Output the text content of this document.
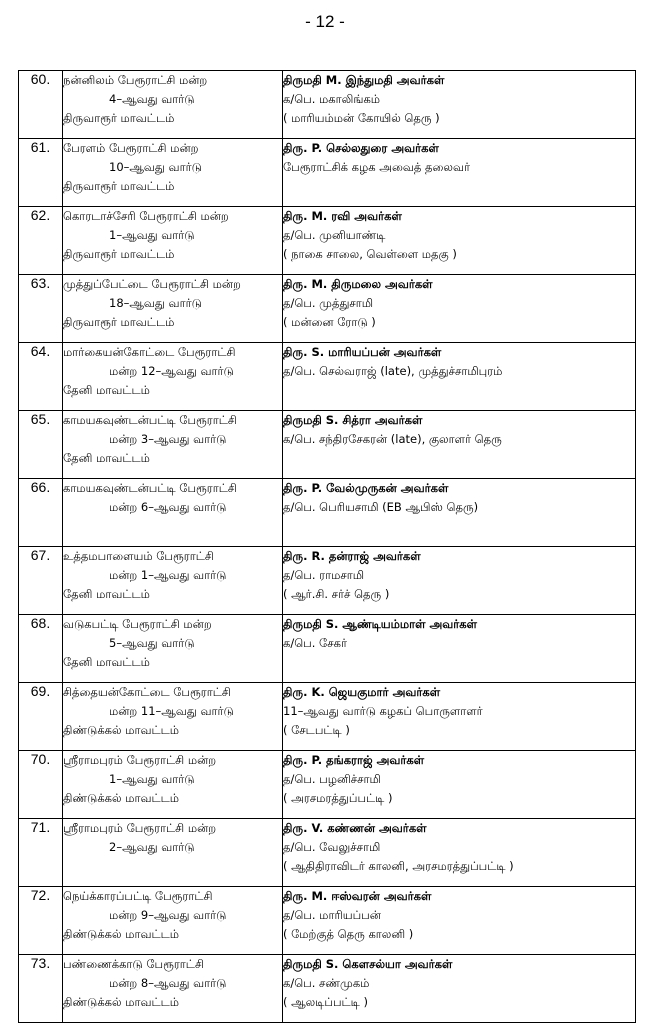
- 12 -
60.	நன்னிலம் பேரூராட்சி மன்ற
4–ஆவது வார்டு
திருவாரூர் மாவட்டம்	திருமதி M. இந்துமதி அவர்கள்
க/பெ. மகாலிங்கம்
( மாரியம்மன் கோயில் தெரு )

61.	பேரளம் பேரூராட்சி மன்ற
10–ஆவது வார்டு
திருவாரூர் மாவட்டம்	திரு. P. செல்லதுரை அவர்கள்
பேரூராட்சிக் கழக அவைத் தலைவர்

62.	கொரடாச்சேரி பேரூராட்சி மன்ற
1–ஆவது வார்டு
திருவாரூர் மாவட்டம்	திரு. M. ரவி அவர்கள்
த/பெ. முனியாண்டி
( நாகை சாலை, வெள்ளை மதகு )

63.	முத்துப்பேட்டை பேரூராட்சி மன்ற
18–ஆவது வார்டு
திருவாரூர் மாவட்டம்	திரு. M. திருமலை அவர்கள்
த/பெ. முத்துசாமி
( மன்னை ரோடு )

64.	மார்கையன்கோட்டை பேரூராட்சி
மன்ற 12–ஆவது வார்டு
தேனி மாவட்டம்	திரு. S. மாரியப்பன் அவர்கள்
த/பெ. செல்வராஜ் (late), முத்துச்சாமிபுரம்

65.	காமயகவுண்டன்பட்டி பேரூராட்சி
மன்ற 3–ஆவது வார்டு
தேனி மாவட்டம்	திருமதி S. சித்ரா அவர்கள்
க/பெ. சந்திரசேகரன் (late), குலாளர் தெரு

66.	காமயகவுண்டன்பட்டி பேரூராட்சி
மன்ற 6–ஆவது வார்டு	திரு. P. வேல்முருகன் அவர்கள்
த/பெ. பெரியசாமி (EB ஆபிஸ் தெரு)

67.	உத்தமபாளையம் பேரூராட்சி
மன்ற 1–ஆவது வார்டு
தேனி மாவட்டம்	திரு. R. தன்ராஜ் அவர்கள்
த/பெ. ராமசாமி
( ஆர்.சி. சர்ச் தெரு )

68.	வடுகபட்டி பேரூராட்சி மன்ற
5–ஆவது வார்டு
தேனி மாவட்டம்	திருமதி S. ஆண்டியம்மாள் அவர்கள்
க/பெ. சேகர்

69.	சித்தையன்கோட்டை பேரூராட்சி
மன்ற 11–ஆவது வார்டு
திண்டுக்கல் மாவட்டம்	திரு. K. ஜெயகுமார் அவர்கள்
11–ஆவது வார்டு கழகப் பொருளாளர்
( சேடபட்டி )

70.	ஸ்ரீராமபுரம் பேரூராட்சி மன்ற
1–ஆவது வார்டு
திண்டுக்கல் மாவட்டம்	திரு. P. தங்கராஜ் அவர்கள்
த/பெ. பழனிச்சாமி
( அரசமரத்துப்பட்டி )

71.	ஸ்ரீராமபுரம் பேரூராட்சி மன்ற
2–ஆவது வார்டு	திரு. V. கண்ணன் அவர்கள்
த/பெ. வேலுச்சாமி
( ஆதிதிராவிடர் காலனி, அரசமரத்துப்பட்டி )

72.	நெய்க்காரப்பட்டி பேரூராட்சி
மன்ற 9–ஆவது வார்டு
திண்டுக்கல் மாவட்டம்	திரு. M. ஈஸ்வரன் அவர்கள்
த/பெ. மாரியப்பன்
( மேற்குத் தெரு காலனி )

73.	பண்ணைக்காடு பேரூராட்சி
மன்ற 8–ஆவது வார்டு
திண்டுக்கல் மாவட்டம்	திருமதி S. கௌசல்யா அவர்கள்
க/பெ. சண்முகம்
( ஆலடிப்பட்டி )
